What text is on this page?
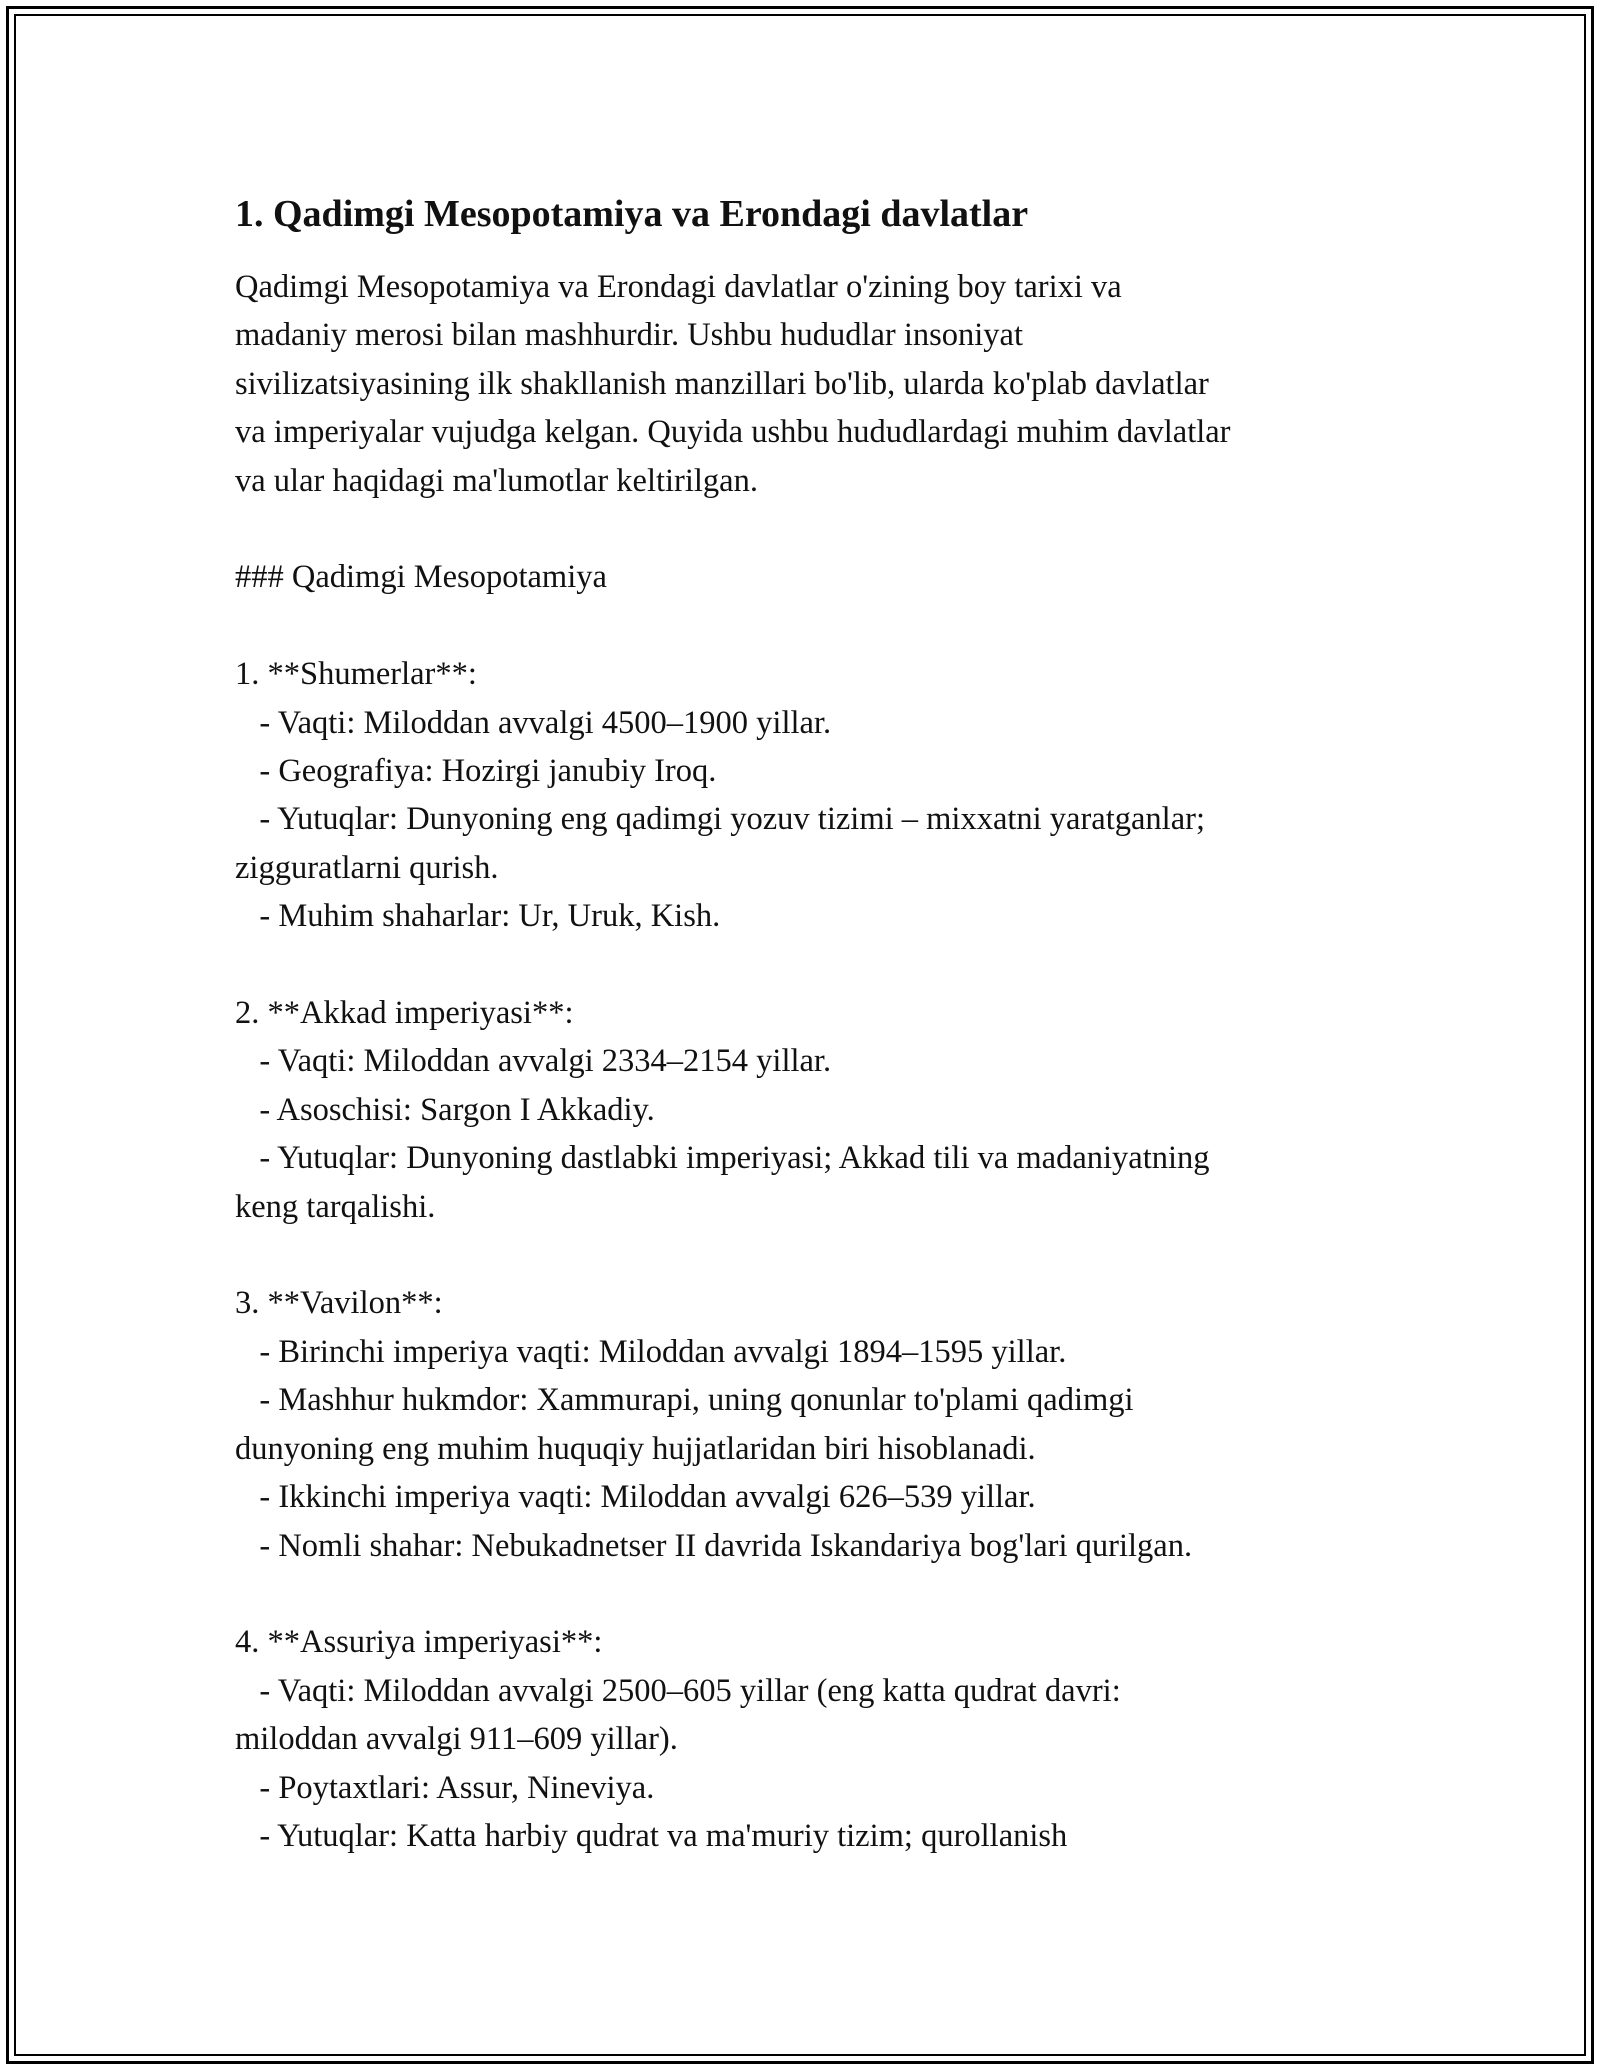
1. Qadimgi Mesopotamiya va Erondagi davlatlar

Qadimgi Mesopotamiya va Erondagi davlatlar o'zining boy tarixi va

madaniy merosi bilan mashhurdir. Ushbu hududlar insoniyat

sivilizatsiyasining ilk shakllanish manzillari bo'lib, ularda ko'plab davlatlar

va imperiyalar vujudga kelgan. Quyida ushbu hududlardagi muhim davlatlar

va ular haqidagi ma'lumotlar keltirilgan.

### Qadimgi Mesopotamiya

1. **Shumerlar**:

- Vaqti: Miloddan avvalgi 4500–1900 yillar.

- Geografiya: Hozirgi janubiy Iroq.

- Yutuqlar: Dunyoning eng qadimgi yozuv tizimi – mixxatni yaratganlar;

zigguratlarni qurish.

- Muhim shaharlar: Ur, Uruk, Kish.

2. **Akkad imperiyasi**:

- Vaqti: Miloddan avvalgi 2334–2154 yillar.

- Asoschisi: Sargon I Akkadiy.

- Yutuqlar: Dunyoning dastlabki imperiyasi; Akkad tili va madaniyatning

keng tarqalishi.

3. **Vavilon**:

- Birinchi imperiya vaqti: Miloddan avvalgi 1894–1595 yillar.

- Mashhur hukmdor: Xammurapi, uning qonunlar to'plami qadimgi

dunyoning eng muhim huquqiy hujjatlaridan biri hisoblanadi.

- Ikkinchi imperiya vaqti: Miloddan avvalgi 626–539 yillar.

- Nomli shahar: Nebukadnetser II davrida Iskandariya bog'lari qurilgan.

4. **Assuriya imperiyasi**:

- Vaqti: Miloddan avvalgi 2500–605 yillar (eng katta qudrat davri:

miloddan avvalgi 911–609 yillar).

- Poytaxtlari: Assur, Nineviya.

- Yutuqlar: Katta harbiy qudrat va ma'muriy tizim; qurollanish
